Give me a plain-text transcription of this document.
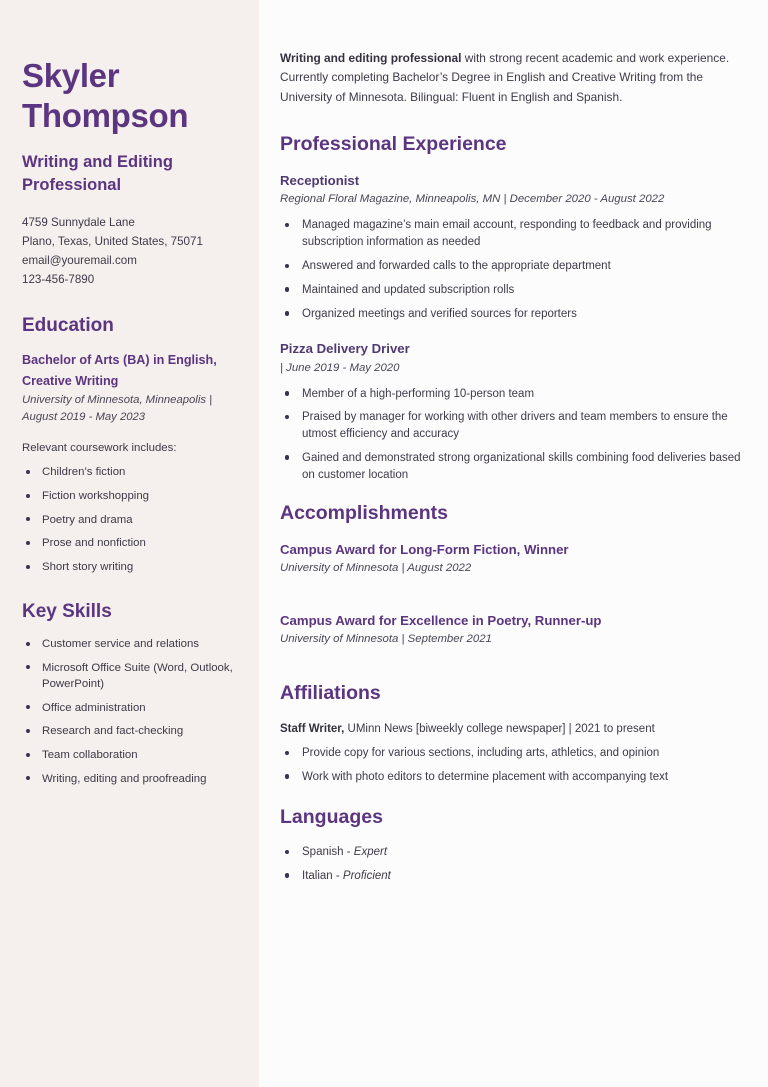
Skyler
Thompson
Writing and Editing Professional
4759 Sunnydale Lane
Plano, Texas, United States, 75071
email@youremail.com
123-456-7890
Education
Bachelor of Arts (BA) in English, Creative Writing
University of Minnesota, Minneapolis | August 2019 - May 2023
Relevant coursework includes:
Children’s fiction
Fiction workshopping
Poetry and drama
Prose and nonfiction
Short story writing
Key Skills
Customer service and relations
Microsoft Office Suite (Word, Outlook, PowerPoint)
Office administration
Research and fact-checking
Team collaboration
Writing, editing and proofreading

Writing and editing professional with strong recent academic and work experience. Currently completing Bachelor’s Degree in English and Creative Writing from the University of Minnesota. Bilingual: Fluent in English and Spanish.

Professional Experience
Receptionist
Regional Floral Magazine, Minneapolis, MN | December 2020 - August 2022
Managed magazine’s main email account, responding to feedback and providing subscription information as needed
Answered and forwarded calls to the appropriate department
Maintained and updated subscription rolls
Organized meetings and verified sources for reporters
Pizza Delivery Driver
| June 2019 - May 2020
Member of a high-performing 10-person team
Praised by manager for working with other drivers and team members to ensure the utmost efficiency and accuracy
Gained and demonstrated strong organizational skills combining food deliveries based on customer location
Accomplishments
Campus Award for Long-Form Fiction, Winner
University of Minnesota | August 2022
Campus Award for Excellence in Poetry, Runner-up
University of Minnesota | September 2021
Affiliations
Staff Writer, UMinn News [biweekly college newspaper] | 2021 to present
Provide copy for various sections, including arts, athletics, and opinion
Work with photo editors to determine placement with accompanying text
Languages
Spanish - Expert
Italian - Proficient
